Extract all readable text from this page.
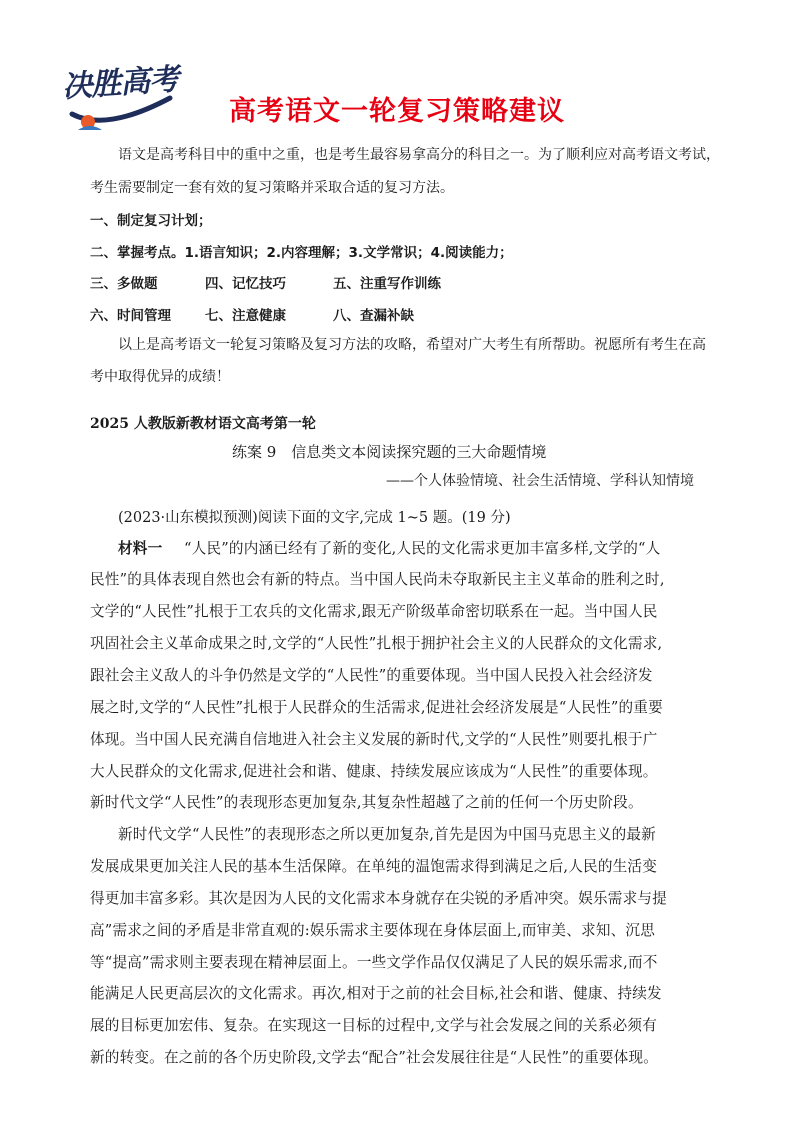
决胜高考
高考语文一轮复习策略建议
语文是高考科目中的重中之重，也是考生最容易拿高分的科目之一。为了顺利应对高考语文考试，
考生需要制定一套有效的复习策略并采取合适的复习方法。
一、制定复习计划；
二、掌握考点。1.语言知识；2.内容理解；3.文学常识；4.阅读能力；
三、多做题	四、记忆技巧	五、注重写作训练
六、时间管理	七、注意健康	八、查漏补缺
以上是高考语文一轮复习策略及复习方法的攻略，希望对广大考生有所帮助。祝愿所有考生在高
考中取得优异的成绩！
2025 人教版新教材语文高考第一轮
练案 9　信息类文本阅读探究题的三大命题情境
——个人体验情境、社会生活情境、学科认知情境
(2023·山东模拟预测)阅读下面的文字,完成 1~5 题。(19 分)
材料一 “人民”的内涵已经有了新的变化,人民的文化需求更加丰富多样,文学的“人
民性”的具体表现自然也会有新的特点。当中国人民尚未夺取新民主主义革命的胜利之时,
文学的“人民性”扎根于工农兵的文化需求,跟无产阶级革命密切联系在一起。当中国人民
巩固社会主义革命成果之时,文学的“人民性”扎根于拥护社会主义的人民群众的文化需求,
跟社会主义敌人的斗争仍然是文学的“人民性”的重要体现。当中国人民投入社会经济发
展之时,文学的“人民性”扎根于人民群众的生活需求,促进社会经济发展是“人民性”的重要
体现。当中国人民充满自信地进入社会主义发展的新时代,文学的“人民性”则要扎根于广
大人民群众的文化需求,促进社会和谐、健康、持续发展应该成为“人民性”的重要体现。
新时代文学“人民性”的表现形态更加复杂,其复杂性超越了之前的任何一个历史阶段。
新时代文学“人民性”的表现形态之所以更加复杂,首先是因为中国马克思主义的最新
发展成果更加关注人民的基本生活保障。在单纯的温饱需求得到满足之后,人民的生活变
得更加丰富多彩。其次是因为人民的文化需求本身就存在尖锐的矛盾冲突。娱乐需求与提
高”需求之间的矛盾是非常直观的:娱乐需求主要体现在身体层面上,而审美、求知、沉思
等“提高”需求则主要表现在精神层面上。一些文学作品仅仅满足了人民的娱乐需求,而不
能满足人民更高层次的文化需求。再次,相对于之前的社会目标,社会和谐、健康、持续发
展的目标更加宏伟、复杂。在实现这一目标的过程中,文学与社会发展之间的关系必须有
新的转变。在之前的各个历史阶段,文学去“配合”社会发展往往是“人民性”的重要体现。
